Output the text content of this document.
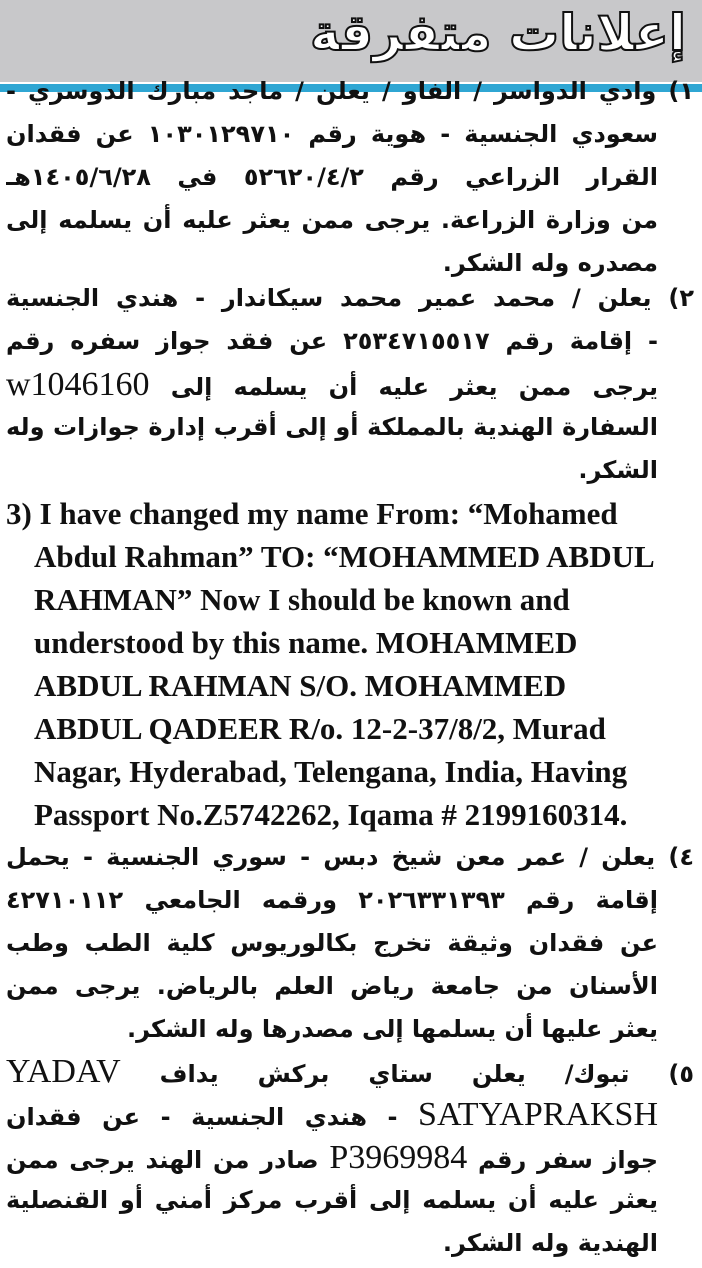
إعلانات متفرقة
١) وادي الدواسر / الفاو / يعلن / ماجد مبارك الدوسري -
سعودي الجنسية - هوية رقم ١٠٣٠١٢٩٧١٠ عن فقدان
القرار الزراعي رقم ٥٢٦٢٠/٤/٢ في ١٤٠٥/٦/٢٨هـ
من وزارة الزراعة. يرجى ممن يعثر عليه أن يسلمه إلى
مصدره وله الشكر.
٢) يعلن / محمد عمير محمد سيكاندار - هندي الجنسية
- إقامة رقم ٢٥٣٤٧١٥٥١٧ عن فقد جواز سفره رقم
يرجى ممن يعثر عليه أن يسلمه إلى w1046160
السفارة الهندية بالمملكة أو إلى أقرب إدارة جوازات وله
الشكر.
3) I have changed my name From: “Mohamed
Abdul Rahman” TO: “MOHAMMED ABDUL
RAHMAN” Now I should be known and
understood by this name. MOHAMMED
ABDUL RAHMAN S/O. MOHAMMED
ABDUL QADEER R/o. 12-2-37/8/2, Murad
Nagar, Hyderabad, Telengana, India, Having
Passport No.Z5742262, Iqama # 2199160314.
٤) يعلن / عمر معن شيخ دبس - سوري الجنسية - يحمل
إقامة رقم ٢٠٢٦٣٣١٣٩٣ ورقمه الجامعي ٤٢٧١٠١١٢
عن فقدان وثيقة تخرج بكالوريوس كلية الطب وطب
الأسنان من جامعة رياض العلم بالرياض. يرجى ممن
يعثر عليها أن يسلمها إلى مصدرها وله الشكر.
٥) تبوك/ يعلن ستاي بركش يداف YADAV
SATYAPRAKSH - هندي الجنسية - عن فقدان
جواز سفر رقم P3969984 صادر من الهند يرجى ممن
يعثر عليه أن يسلمه إلى أقرب مركز أمني أو القنصلية
الهندية وله الشكر.
